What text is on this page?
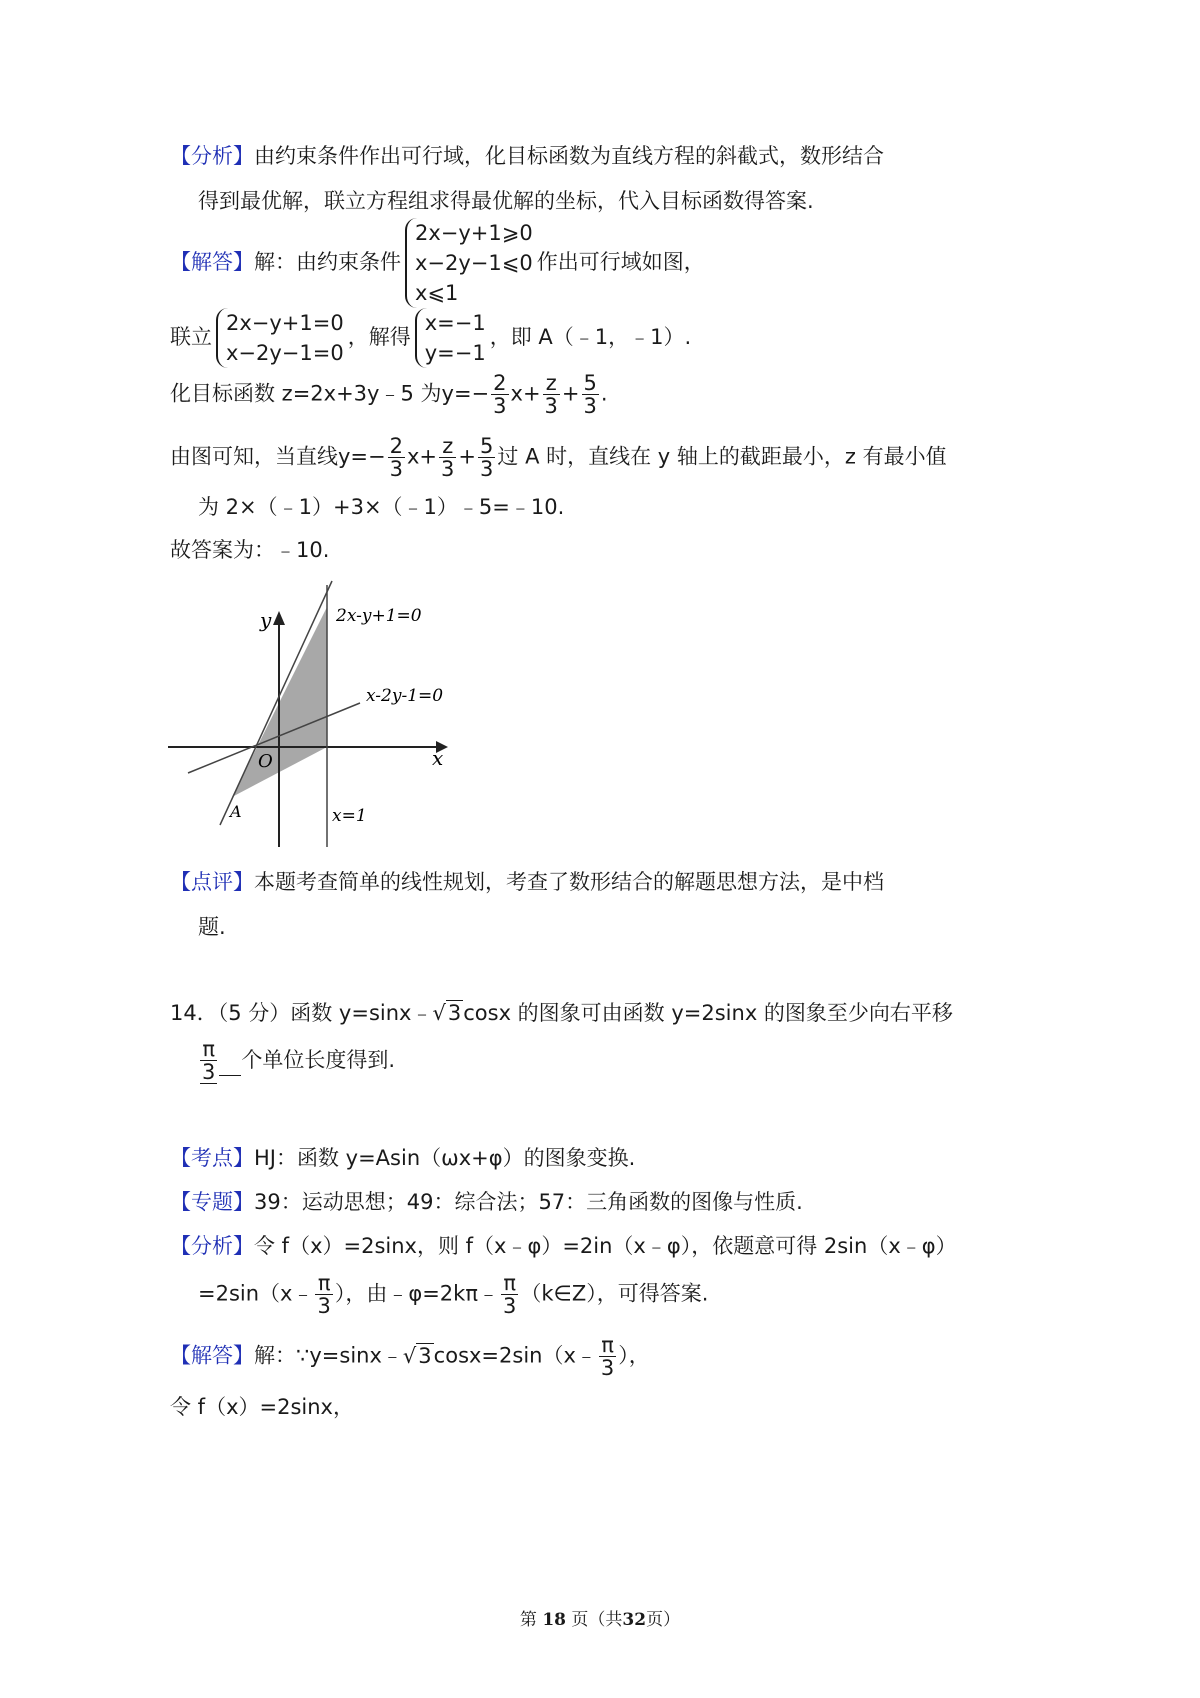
【分析】由约束条件作出可行域，化目标函数为直线方程的斜截式，数形结合
得到最优解，联立方程组求得最优解的坐标，代入目标函数得答案.
【解答】解：由约束条件
2x−y+1⩾0
x−2y−1⩽0
x⩽1
作出可行域如图，
联立
2x−y+1=0
x−2y−1=0
，解得
x=−1
y=−1
，即 A（﹣1，﹣1）.
化目标函数 z=2x+3y﹣5 为$y=- \frac{2}{3} x+ \frac{z}{3} + \frac{5}{3}$ .
由图可知，当直线$y=- \frac{2}{3} x+ \frac{z}{3} + \frac{5}{3}$ 过 A 时，直线在 y 轴上的截距最小，z 有最小值
为 2×（﹣1）+3×（﹣1）﹣5=﹣10.
故答案为：﹣10.
y
x
O
A
2x-y+1=0
x-2y-1=0
x=1
【点评】本题考查简单的线性规划，考查了数形结合的解题思想方法，是中档
题.
14．（5 分）函数 y=sinx﹣√3cosx 的图象可由函数 y=2sinx 的图象至少向右平移
$\frac{\pi}{3}$ 个单位长度得到.
【考点】HJ：函数 y=Asin（ωx+φ）的图象变换.
【专题】39：运动思想；49：综合法；57：三角函数的图像与性质.
【分析】令 f（x）=2sinx，则 f（x﹣φ）=2in（x﹣φ），依题意可得 2sin（x﹣φ）
=2sin（x﹣ $\frac{\pi}{3}$ ），由﹣φ=2kπ﹣ $\frac{\pi}{3}$ （k∈Z），可得答案.
【解答】解：∵y=sinx﹣√3cosx=2sin（x﹣ $\frac{\pi}{3}$ ），
令 f（x）=2sinx，
第 18 页（共32页）
